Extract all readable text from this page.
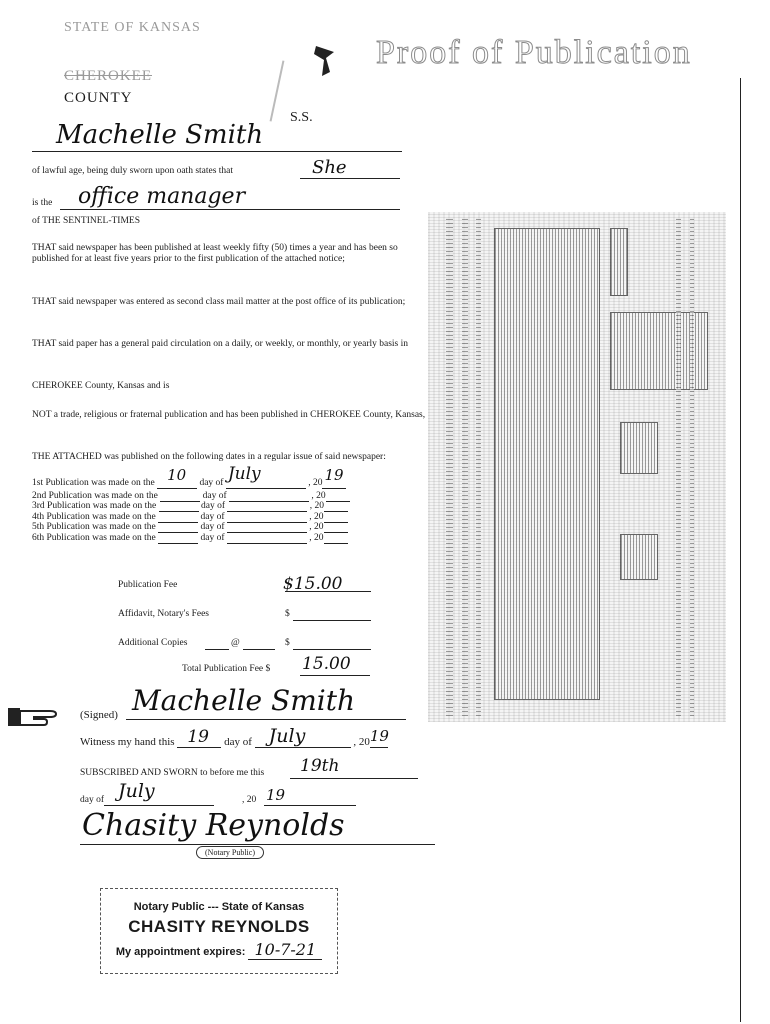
STATE OF KANSAS
CHEROKEE
COUNTY
S.S.
Proof of Publication
Machelle Smith
of lawful age, being duly sworn upon oath states that	She
is the office manager
of THE SENTINEL-TIMES
THAT said newspaper has been published at least weekly fifty (50) times a year and has been so published for at least five years prior to the first publication of the attached notice;
THAT said newspaper was entered as second class mail matter at the post office of its publication;
THAT said paper has a general paid circulation on a daily, or weekly, or monthly, or yearly basis in
CHEROKEE County, Kansas and is
NOT a trade, religious or fraternal publication and has been published in CHEROKEE County, Kansas,
THE ATTACHED was published on the following dates in a regular issue of said newspaper:
1st Publication was made on the 10 day of July	, 20 19
2nd Publication was made on the	day of	, 20
3rd Publication was made on the	day of	, 20
4th Publication was made on the	day of	, 20
5th Publication was made on the	day of	, 20
6th Publication was made on the	day of	, 20
Publication Fee	$15.00
Affidavit, Notary's Fees	$
Additional Copies	@	$
Total Publication Fee $ 15.00
(Signed) Machelle Smith
Witness my hand this 19 day of July	, 20 19
SUBSCRIBED AND SWORN to before me this 19th
day of July	, 20 19
Chasity Reynolds
(Notary Public)
Notary Public --- State of Kansas
CHASITY REYNOLDS
My appointment expires: 10-7-21
